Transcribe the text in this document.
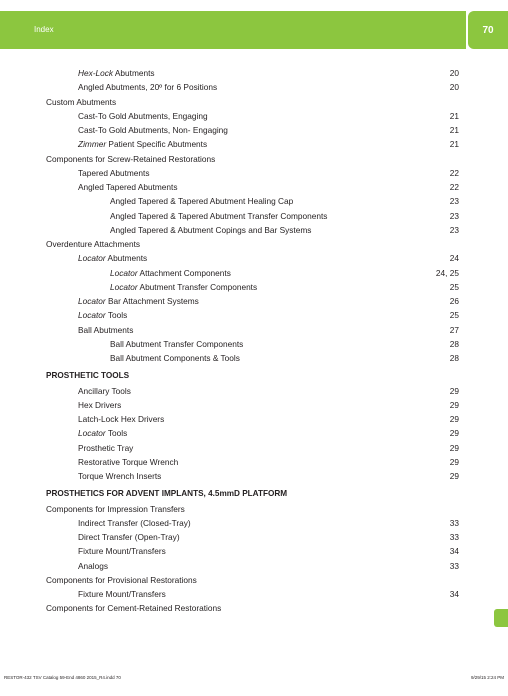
Index	70
Hex-Lock Abutments	20
Angled Abutments, 20º for 6 Positions	20
Custom Abutments
Cast-To Gold Abutments, Engaging	21
Cast-To Gold Abutments, Non- Engaging	21
Zimmer Patient Specific Abutments	21
Components for Screw-Retained Restorations
Tapered Abutments	22
Angled Tapered Abutments	22
Angled Tapered & Tapered Abutment Healing Cap	23
Angled Tapered & Tapered Abutment Transfer Components	23
Angled Tapered & Abutment Copings and Bar Systems	23
Overdenture Attachments
Locator Abutments	24
Locator Attachment Components	24, 25
Locator Abutment Transfer Components	25
Locator Bar Attachment Systems	26
Locator Tools	25
Ball Abutments	27
Ball Abutment Transfer Components	28
Ball Abutment Components & Tools	28
PROSTHETIC TOOLS
Ancillary Tools	29
Hex Drivers	29
Latch-Lock Hex Drivers	29
Locator Tools	29
Prosthetic Tray	29
Restorative Torque Wrench	29
Torque Wrench Inserts	29
PROSTHETICS FOR ADVENT IMPLANTS, 4.5mmD PLATFORM
Components for Impression Transfers
Indirect Transfer (Closed-Tray)	33
Direct Transfer (Open-Tray)	33
Fixture Mount/Transfers	34
Analogs	33
Components for Provisional Restorations
Fixture Mount/Transfers	34
Components for Cement-Retained Restorations
RESTOR-432 TSV Catalog 59-End 4860 2015_R4.indd 70	9/29/15 2:24 PM
